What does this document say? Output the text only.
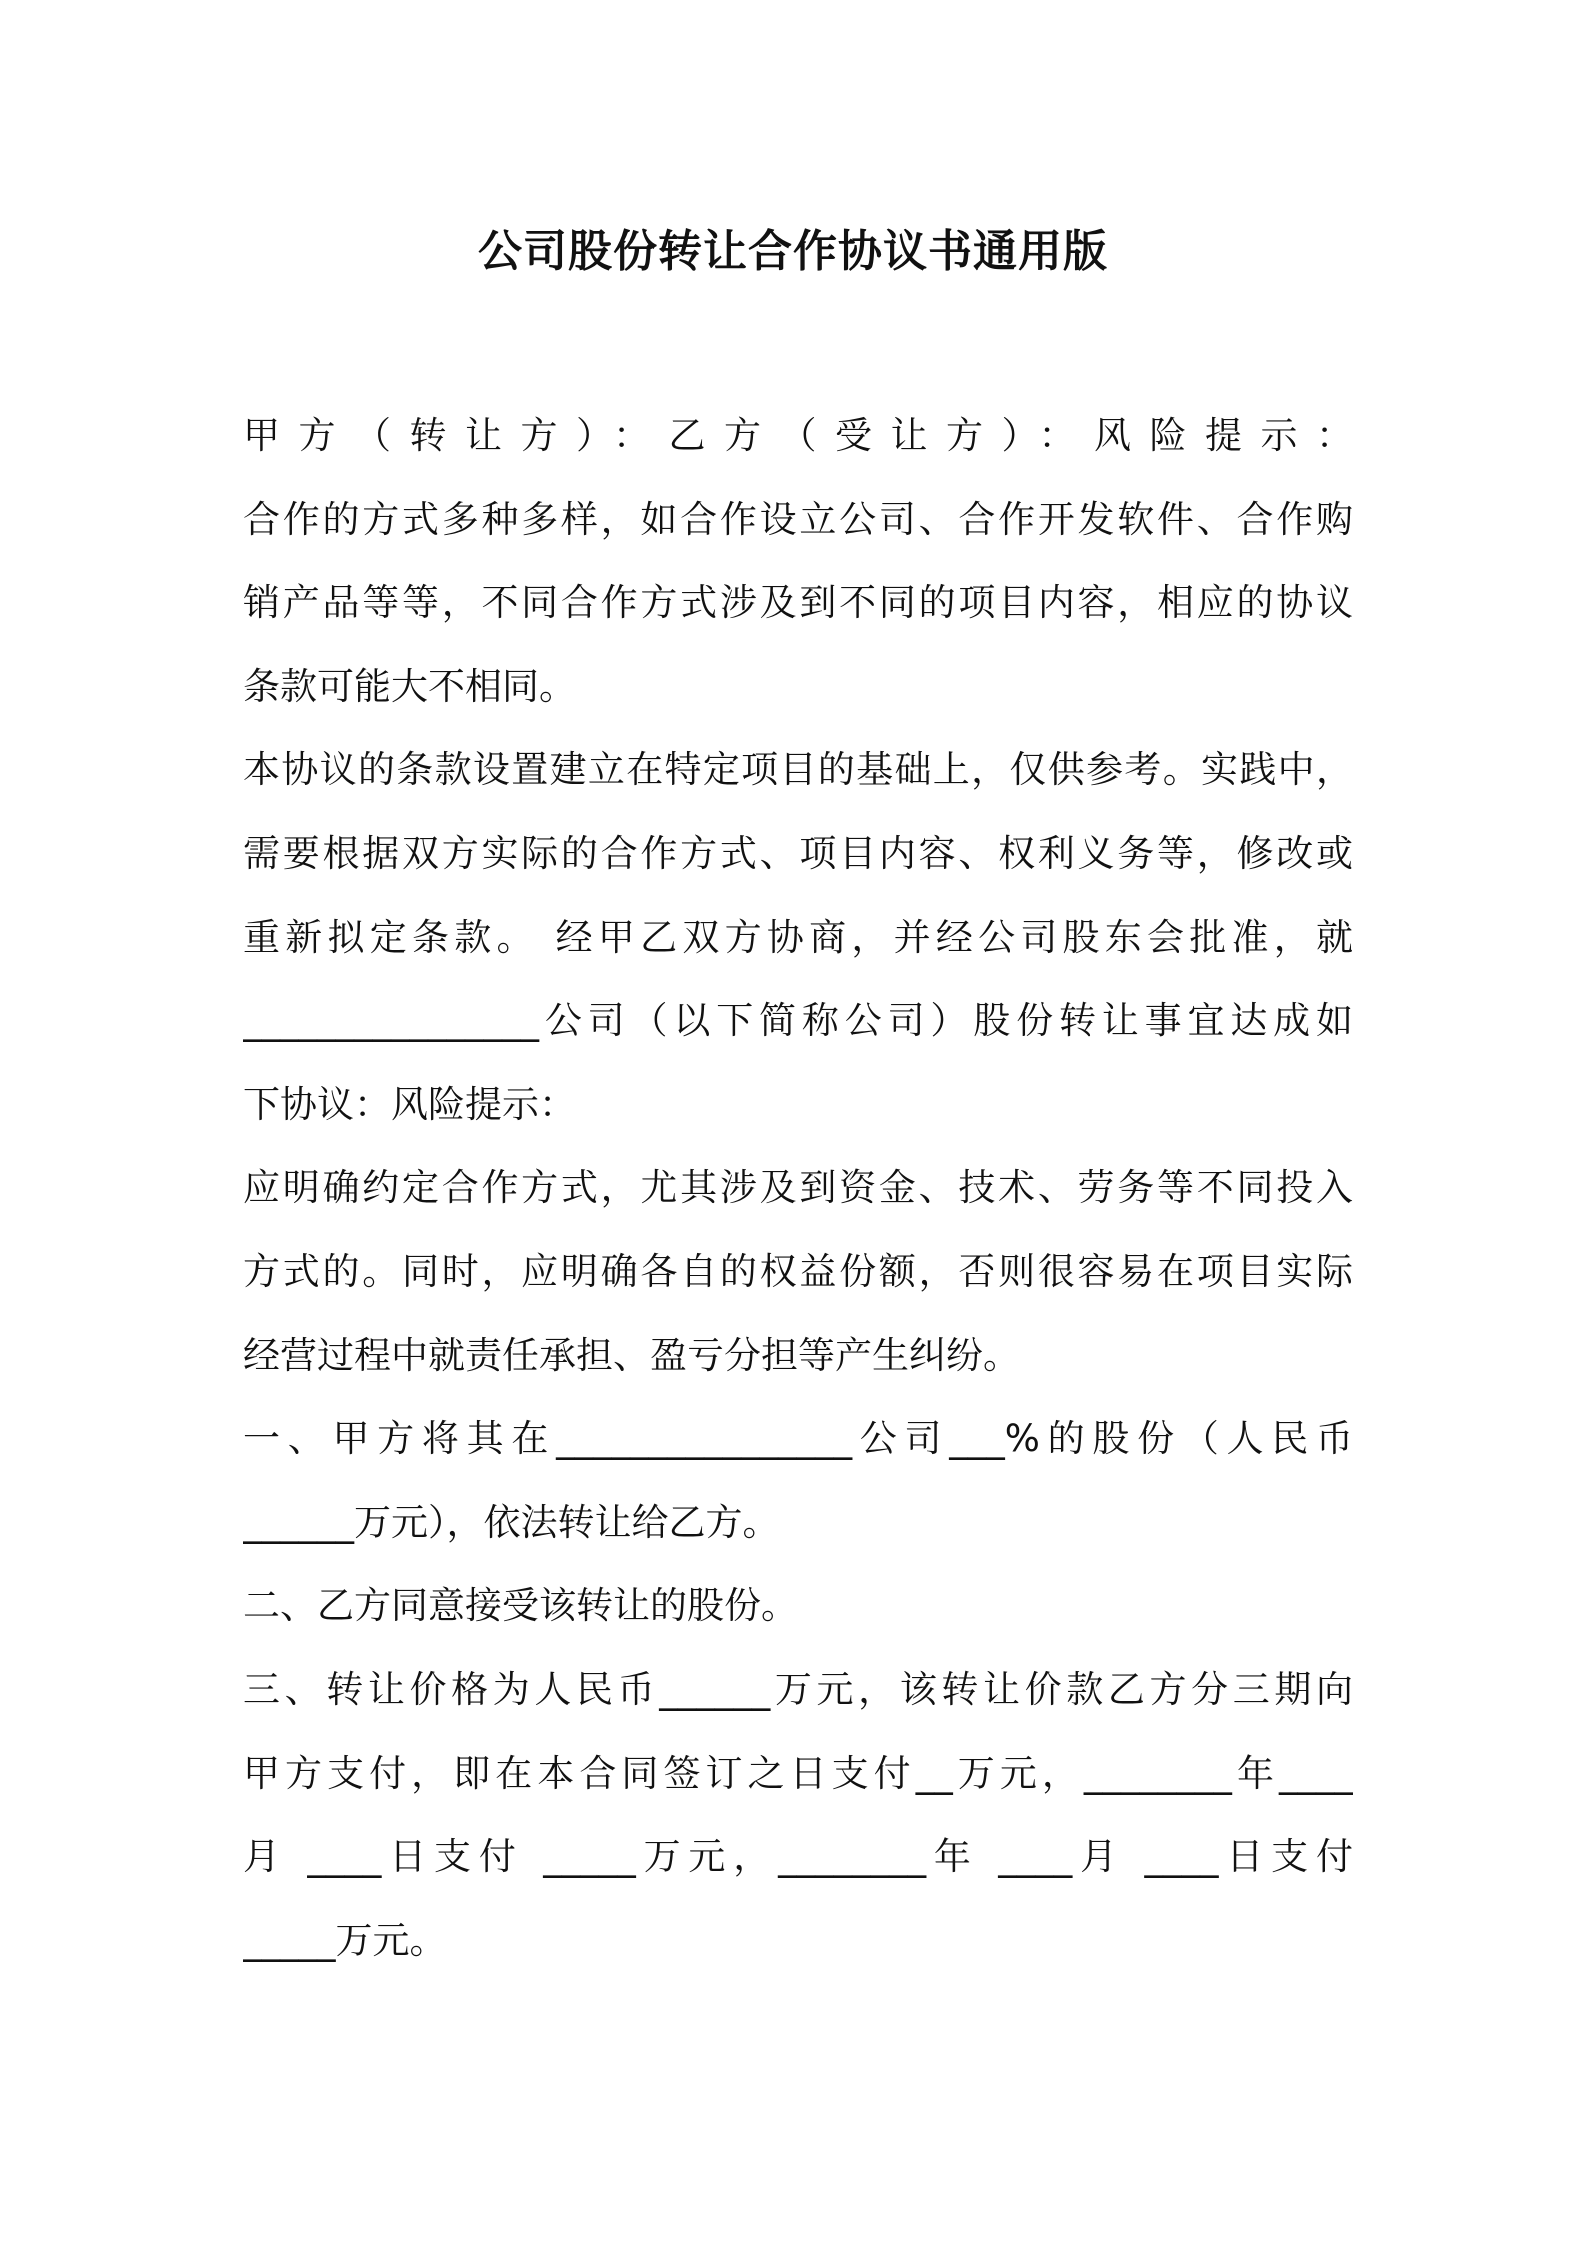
公司股份转让合作协议书通用版
甲方（转让方）：乙方（受让方）：风险提示：
合作的方式多种多样，如合作设立公司、合作开发软件、合作购
销产品等等，不同合作方式涉及到不同的项目内容，相应的协议
条款可能大不相同。
本协议的条款设置建立在特定项目的基础上，仅供参考。实践中，
需要根据双方实际的合作方式、项目内容、权利义务等，修改或
重新拟定条款。 经甲乙双方协商，并经公司股东会批准，就
________________公司（以下简称公司）股份转让事宜达成如
下协议：风险提示：
应明确约定合作方式，尤其涉及到资金、技术、劳务等不同投入
方式的。同时，应明确各自的权益份额，否则很容易在项目实际
经营过程中就责任承担、盈亏分担等产生纠纷。
一、甲方将其在________________公司___%的股份（人民币
______万元），依法转让给乙方。
二、乙方同意接受该转让的股份。
三、转让价格为人民币______万元，该转让价款乙方分三期向
甲方支付，即在本合同签订之日支付__万元，________年____
月 ____日支付 _____万元，________年 ____月 ____日支付
_____万元。
